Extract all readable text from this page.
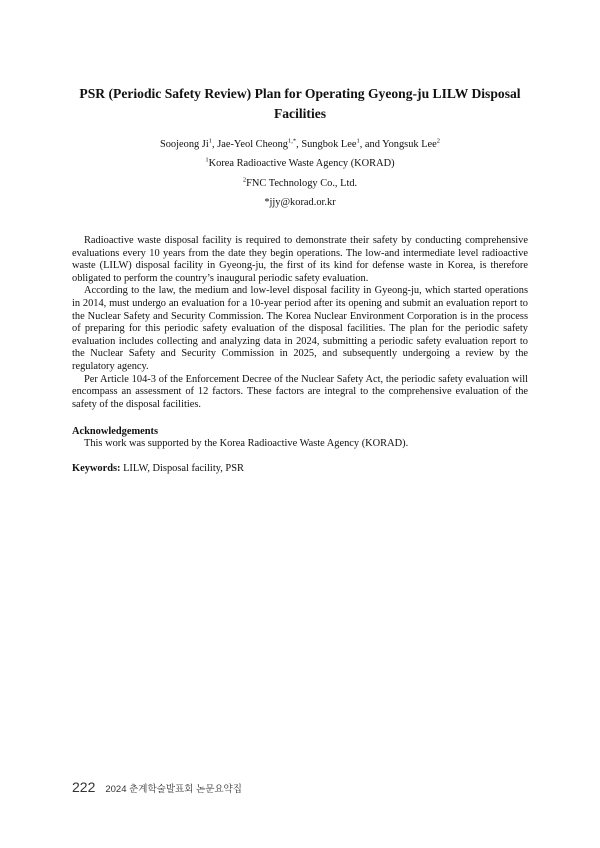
PSR (Periodic Safety Review) Plan for Operating Gyeong-ju LILW Disposal Facilities
Soojeong Ji$^1$, Jae-Yeol Cheong$^{1,*}$, Sungbok Lee$^1$, and Yongsuk Lee$^2$
$^1$Korea Radioactive Waste Agency (KORAD)
$^2$FNC Technology Co., Ltd.
*jjy@korad.or.kr

Radioactive waste disposal facility is required to demonstrate their safety by conducting comprehensive evaluations every 10 years from the date they begin operations. The low-and intermediate level radioactive waste (LILW) disposal facility in Gyeong-ju, the first of its kind for defense waste in Korea, is therefore obligated to perform the country’s inaugural periodic safety evaluation.

According to the law, the medium and low-level disposal facility in Gyeong-ju, which started operations in 2014, must undergo an evaluation for a 10-year period after its opening and submit an evaluation report to the Nuclear Safety and Security Commission. The Korea Nuclear Environment Corporation is in the process of preparing for this periodic safety evaluation of the disposal facilities. The plan for the periodic safety evaluation includes collecting and analyzing data in 2024, submitting a periodic safety evaluation report to the Nuclear Safety and Security Commission in 2025, and subsequently undergoing a review by the regulatory agency.

Per Article 104-3 of the Enforcement Decree of the Nuclear Safety Act, the periodic safety evaluation will encompass an assessment of 12 factors. These factors are integral to the comprehensive evaluation of the safety of the disposal facilities.

Acknowledgements
This work was supported by the Korea Radioactive Waste Agency (KORAD).
Keywords: LILW, Disposal facility, PSR
222 2024 춘계학술발표회 논문요약집
